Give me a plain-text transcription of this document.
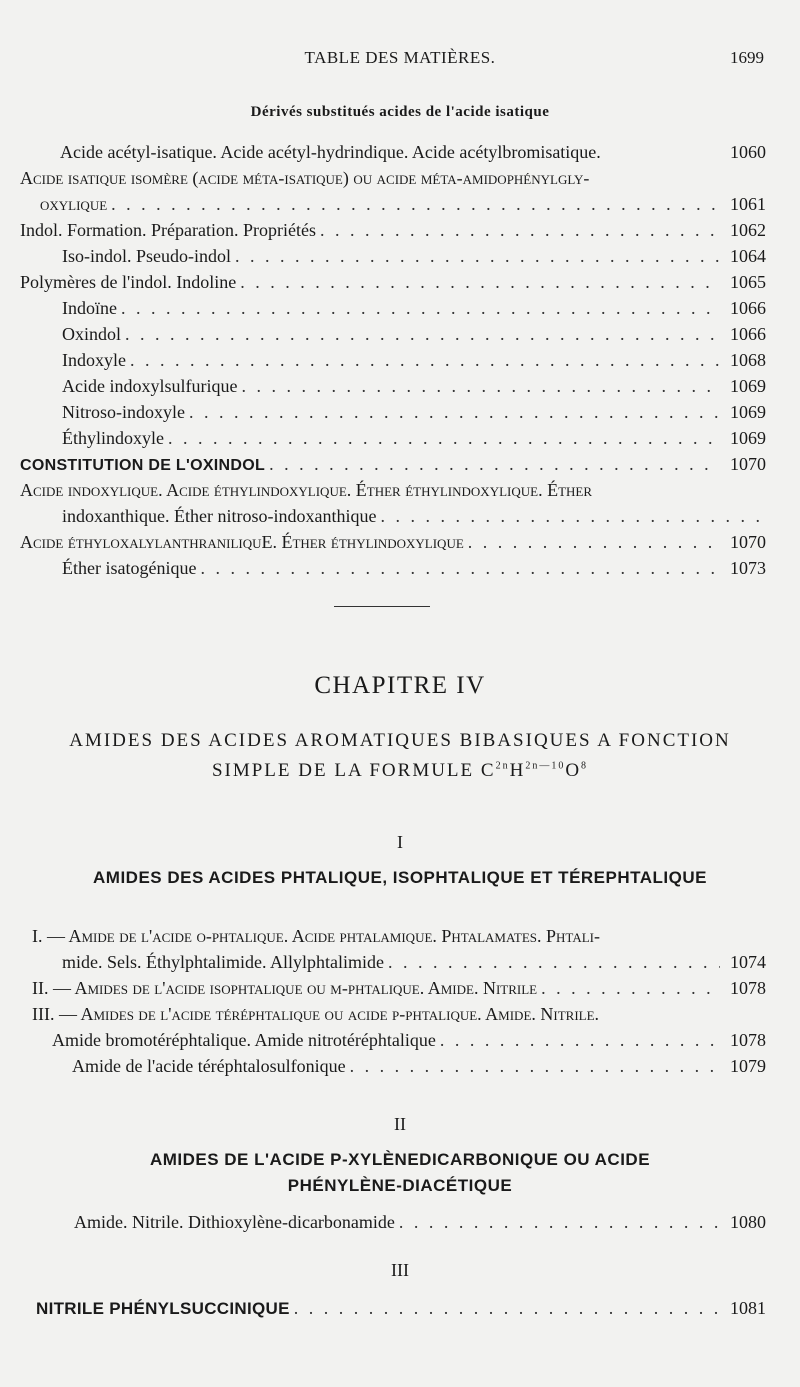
TABLE DES MATIÈRES.	1699
Dérivés substitués acides de l'acide isatique
Acide acétyl-isatique. Acide acétyl-hydrindique. Acide acétylbromisatique.	1060
Acide isatique isomère (acide méta-isatique) ou acide méta-amidophénylgly-
oxylique . . .	1061
Indol. Formation. Préparation. Propriétés . . .	1062
Iso-indol. Pseudo-indol . . .	1064
Polymères de l'indol. Indoline . . .	1065
Indoïne . . .	1066
Oxindol . . .	1066
Indoxyle . . .	1068
Acide indoxylsulfurique . . .	1069
Nitroso-indoxyle . . .	1069
Éthylindoxyle . . .	1069
CONSTITUTION DE L'OXINDOL . . .	1070
Acide indoxylique. Acide éthylindoxylique. Éther éthylindoxylique. Éther
indoxanthique. Éther nitroso-indoxanthique
. . .
Acide éthyloxalylanthraniliquE. Éther éthylindoxylique . . .	1070
Éther isatogénique . . .	1073
CHAPITRE IV
AMIDES DES ACIDES AROMATIQUES BIBASIQUES A FONCTION
SIMPLE DE LA FORMULE $C^{2n}H^{2n—10}O^8$
I
AMIDES DES ACIDES PHTALIQUE, ISOPHTALIQUE ET TÉREPHTALIQUE
I. — Amide de l'acide o-phtalique. Acide phtalamique. Phtalamates. Phtali-
mide. Sels. Éthylphtalimide. Allylphtalimide . . .	1074
II. — Amides de l'acide isophtalique ou m-phtalique. Amide. Nitrile . . .	1078
III. — Amides de l'acide téréphtalique ou acide p-phtalique. Amide. Nitrile.
Amide bromotéréphtalique. Amide nitrotéréphtalique . . .	1078
Amide de l'acide téréphtalosulfonique . . .	1079
II
AMIDES DE L'ACIDE P-XYLÈNEDICARBONIQUE OU ACIDE
PHÉNYLÈNE-DIACÉTIQUE
Amide. Nitrile. Dithioxylène-dicarbonamide . . .	1080
III
NITRILE PHÉNYLSUCCINIQUE . . .	1081
